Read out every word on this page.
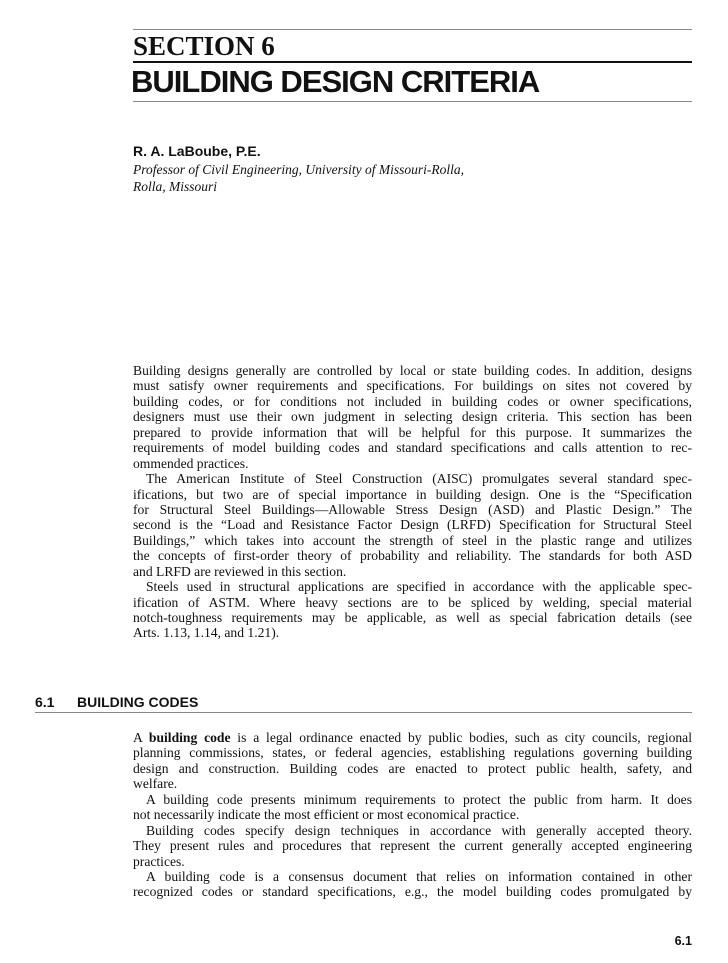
SECTION 6
BUILDING DESIGN CRITERIA
R. A. LaBoube, P.E.
Professor of Civil Engineering, University of Missouri-Rolla,
Rolla, Missouri
Building designs generally are controlled by local or state building codes. In addition, designs
must satisfy owner requirements and specifications. For buildings on sites not covered by
building codes, or for conditions not included in building codes or owner specifications,
designers must use their own judgment in selecting design criteria. This section has been
prepared to provide information that will be helpful for this purpose. It summarizes the
requirements of model building codes and standard specifications and calls attention to rec-
ommended practices.
The American Institute of Steel Construction (AISC) promulgates several standard spec-
ifications, but two are of special importance in building design. One is the “Specification
for Structural Steel Buildings—Allowable Stress Design (ASD) and Plastic Design.” The
second is the “Load and Resistance Factor Design (LRFD) Specification for Structural Steel
Buildings,” which takes into account the strength of steel in the plastic range and utilizes
the concepts of first-order theory of probability and reliability. The standards for both ASD
and LRFD are reviewed in this section.
Steels used in structural applications are specified in accordance with the applicable spec-
ification of ASTM. Where heavy sections are to be spliced by welding, special material
notch-toughness requirements may be applicable, as well as special fabrication details (see
Arts. 1.13, 1.14, and 1.21).
6.1 BUILDING CODES
A building code is a legal ordinance enacted by public bodies, such as city councils, regional
planning commissions, states, or federal agencies, establishing regulations governing building
design and construction. Building codes are enacted to protect public health, safety, and
welfare.
A building code presents minimum requirements to protect the public from harm. It does
not necessarily indicate the most efficient or most economical practice.
Building codes specify design techniques in accordance with generally accepted theory.
They present rules and procedures that represent the current generally accepted engineering
practices.
A building code is a consensus document that relies on information contained in other
recognized codes or standard specifications, e.g., the model building codes promulgated by
6.1
